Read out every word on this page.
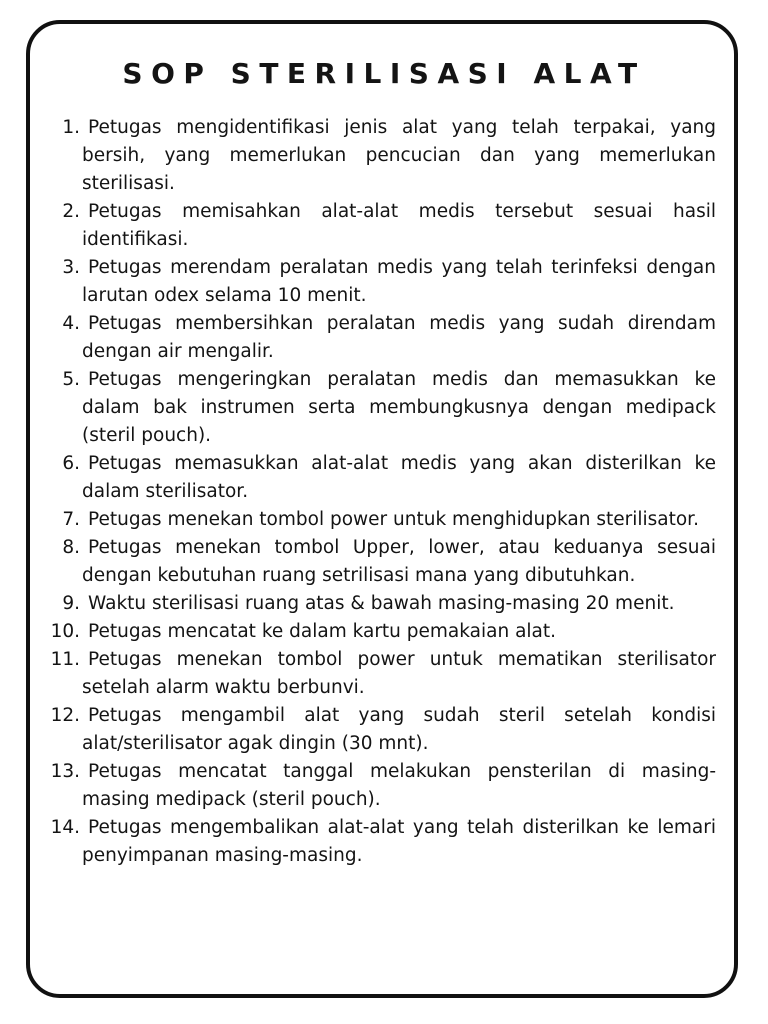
SOP STERILISASI ALAT
1. Petugas mengidentifikasi jenis alat yang telah terpakai, yang bersih, yang memerlukan pencucian dan yang memerlukan sterilisasi.
2. Petugas memisahkan alat-alat medis tersebut sesuai hasil identifikasi.
3. Petugas merendam peralatan medis yang telah terinfeksi dengan larutan odex selama 10 menit.
4. Petugas membersihkan peralatan medis yang sudah direndam dengan air mengalir.
5. Petugas mengeringkan peralatan medis dan memasukkan ke dalam bak instrumen serta membungkusnya dengan medipack (steril pouch).
6. Petugas memasukkan alat-alat medis yang akan disterilkan ke dalam sterilisator.
7. Petugas menekan tombol power untuk menghidupkan sterilisator.
8. Petugas menekan tombol Upper, lower, atau keduanya sesuai dengan kebutuhan ruang setrilisasi mana yang dibutuhkan.
9. Waktu sterilisasi ruang atas & bawah masing-masing 20 menit.
10. Petugas mencatat ke dalam kartu pemakaian alat.
11. Petugas menekan tombol power untuk mematikan sterilisator setelah alarm waktu berbunvi.
12. Petugas mengambil alat yang sudah steril setelah kondisi alat/sterilisator agak dingin (30 mnt).
13. Petugas mencatat tanggal melakukan pensterilan di masing-masing medipack (steril pouch).
14. Petugas mengembalikan alat-alat yang telah disterilkan ke lemari penyimpanan masing-masing.
